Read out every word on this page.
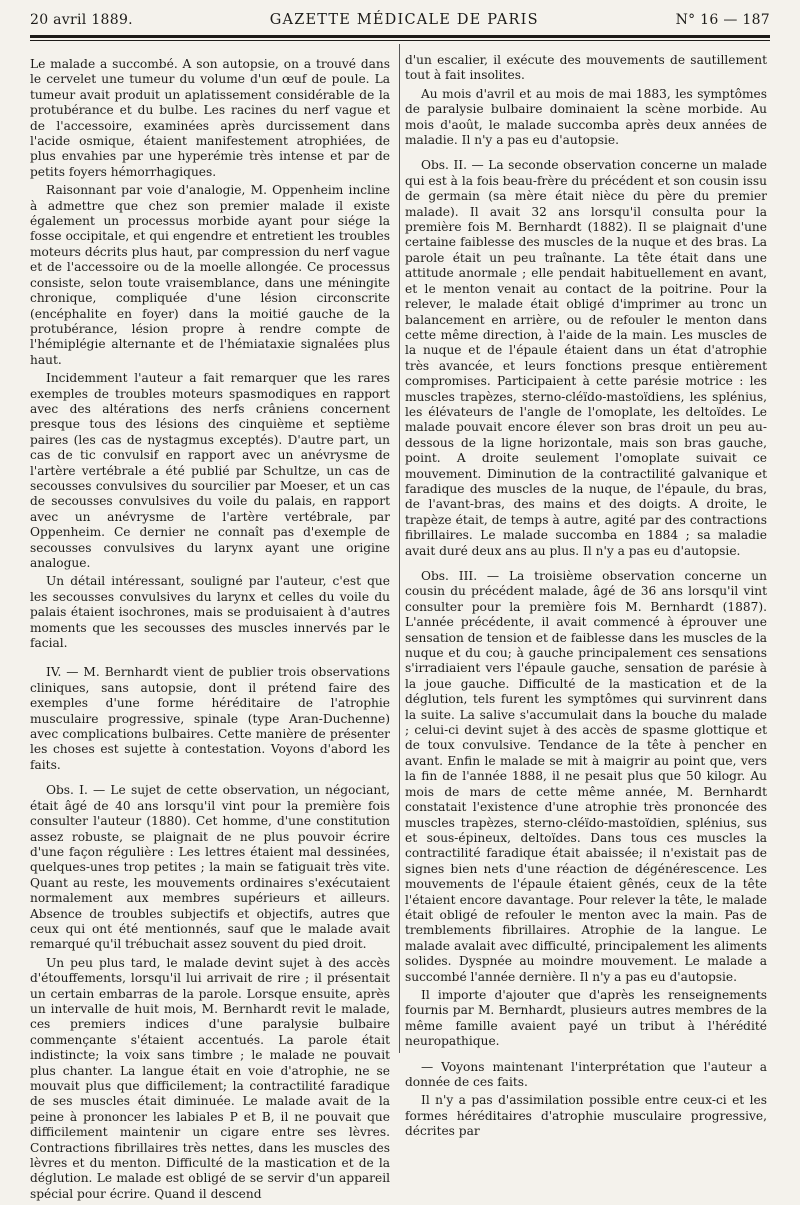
20 avril 1889.	GAZETTE MÉDICALE DE PARIS	N° 16 — 187

Le malade a succombé. A son autopsie, on a trouvé dans le cervelet une tumeur du volume d'un œuf de poule. La tumeur avait produit un aplatissement considérable de la protubérance et du bulbe. Les racines du nerf vague et de l'accessoire, examinées après durcissement dans l'acide osmique, étaient manifestement atrophiées, de plus envahies par une hyperémie très intense et par de petits foyers hémorrhagiques.

Raisonnant par voie d'analogie, M. Oppenheim incline à admettre que chez son premier malade il existe également un processus morbide ayant pour siége la fosse occipitale, et qui engendre et entretient les troubles moteurs décrits plus haut, par compression du nerf vague et de l'accessoire ou de la moelle allongée. Ce processus consiste, selon toute vraisemblance, dans une méningite chronique, compliquée d'une lésion circonscrite (encéphalite en foyer) dans la moitié gauche de la protubérance, lésion propre à rendre compte de l'hémiplégie alternante et de l'hémiataxie signalées plus haut.

Incidemment l'auteur a fait remarquer que les rares exemples de troubles moteurs spasmodiques en rapport avec des altérations des nerfs crâniens concernent presque tous des lésions des cinquième et septième paires (les cas de nystagmus exceptés). D'autre part, un cas de tic convulsif en rapport avec un anévrysme de l'artère vertébrale a été publié par Schultze, un cas de secousses convulsives du sourcilier par Moeser, et un cas de secousses convulsives du voile du palais, en rapport avec un anévrysme de l'artère vertébrale, par Oppenheim. Ce dernier ne connaît pas d'exemple de secousses convulsives du larynx ayant une origine analogue.

Un détail intéressant, souligné par l'auteur, c'est que les secousses convulsives du larynx et celles du voile du palais étaient isochrones, mais se produisaient à d'autres moments que les secousses des muscles innervés par le facial.

IV. — M. Bernhardt vient de publier trois observations cliniques, sans autopsie, dont il prétend faire des exemples d'une forme héréditaire de l'atrophie musculaire progressive, spinale (type Aran-Duchenne) avec complications bulbaires. Cette manière de présenter les choses est sujette à contestation. Voyons d'abord les faits.

Obs. I. — Le sujet de cette observation, un négociant, était âgé de 40 ans lorsqu'il vint pour la première fois consulter l'auteur (1880). Cet homme, d'une constitution assez robuste, se plaignait de ne plus pouvoir écrire d'une façon régulière : Les lettres étaient mal dessinées, quelques-unes trop petites ; la main se fatiguait très vite. Quant au reste, les mouvements ordinaires s'exécutaient normalement aux membres supérieurs et ailleurs. Absence de troubles subjectifs et objectifs, autres que ceux qui ont été mentionnés, sauf que le malade avait remarqué qu'il trébuchait assez souvent du pied droit.

Un peu plus tard, le malade devint sujet à des accès d'étouffements, lorsqu'il lui arrivait de rire ; il présentait un certain embarras de la parole. Lorsque ensuite, après un intervalle de huit mois, M. Bernhardt revit le malade, ces premiers indices d'une paralysie bulbaire commençante s'étaient accentués. La parole était indistincte; la voix sans timbre ; le malade ne pouvait plus chanter. La langue était en voie d'atrophie, ne se mouvait plus que difficilement; la contractilité faradique de ses muscles était diminuée. Le malade avait de la peine à prononcer les labiales P et B, il ne pouvait que difficilement maintenir un cigare entre ses lèvres. Contractions fibrillaires très nettes, dans les muscles des lèvres et du menton. Difficulté de la mastication et de la déglution. Le malade est obligé de se servir d'un appareil spécial pour écrire. Quand il descend

d'un escalier, il exécute des mouvements de sautillement tout à fait insolites.

Au mois d'avril et au mois de mai 1883, les symptômes de paralysie bulbaire dominaient la scène morbide. Au mois d'août, le malade succomba après deux années de maladie. Il n'y a pas eu d'autopsie.

Obs. II. — La seconde observation concerne un malade qui est à la fois beau-frère du précédent et son cousin issu de germain (sa mère était nièce du père du premier malade). Il avait 32 ans lorsqu'il consulta pour la première fois M. Bernhardt (1882). Il se plaignait d'une certaine faiblesse des muscles de la nuque et des bras. La parole était un peu traînante. La tête était dans une attitude anormale ; elle pendait habituellement en avant, et le menton venait au contact de la poitrine. Pour la relever, le malade était obligé d'imprimer au tronc un balancement en arrière, ou de refouler le menton dans cette même direction, à l'aide de la main. Les muscles de la nuque et de l'épaule étaient dans un état d'atrophie très avancée, et leurs fonctions presque entièrement compromises. Participaient à cette parésie motrice : les muscles trapèzes, sterno-cléïdo-mastoïdiens, les splénius, les élévateurs de l'angle de l'omoplate, les deltoïdes. Le malade pouvait encore élever son bras droit un peu au-dessous de la ligne horizontale, mais son bras gauche, point. A droite seulement l'omoplate suivait ce mouvement. Diminution de la contractilité galvanique et faradique des muscles de la nuque, de l'épaule, du bras, de l'avant-bras, des mains et des doigts. A droite, le trapèze était, de temps à autre, agité par des contractions fibrillaires. Le malade succomba en 1884 ; sa maladie avait duré deux ans au plus. Il n'y a pas eu d'autopsie.

Obs. III. — La troisième observation concerne un cousin du précédent malade, âgé de 36 ans lorsqu'il vint consulter pour la première fois M. Bernhardt (1887). L'année précédente, il avait commencé à éprouver une sensation de tension et de faiblesse dans les muscles de la nuque et du cou; à gauche principalement ces sensations s'irradiaient vers l'épaule gauche, sensation de parésie à la joue gauche. Difficulté de la mastication et de la déglution, tels furent les symptômes qui survinrent dans la suite. La salive s'accumulait dans la bouche du malade ; celui-ci devint sujet à des accès de spasme glottique et de toux convulsive. Tendance de la tête à pencher en avant. Enfin le malade se mit à maigrir au point que, vers la fin de l'année 1888, il ne pesait plus que 50 kilogr. Au mois de mars de cette même année, M. Bernhardt constatait l'existence d'une atrophie très prononcée des muscles trapèzes, sterno-cléïdo-mastoïdien, splénius, sus et sous-épineux, deltoïdes. Dans tous ces muscles la contractilité faradique était abaissée; il n'existait pas de signes bien nets d'une réaction de dégénérescence. Les mouvements de l'épaule étaient gênés, ceux de la tête l'étaient encore davantage. Pour relever la tête, le malade était obligé de refouler le menton avec la main. Pas de tremblements fibrillaires. Atrophie de la langue. Le malade avalait avec difficulté, principalement les aliments solides. Dyspnée au moindre mouvement. Le malade a succombé l'année dernière. Il n'y a pas eu d'autopsie.

Il importe d'ajouter que d'après les renseignements fournis par M. Bernhardt, plusieurs autres membres de la même famille avaient payé un tribut à l'hérédité neuropathique.

— Voyons maintenant l'interprétation que l'auteur a donnée de ces faits.

Il n'y a pas d'assimilation possible entre ceux-ci et les formes héréditaires d'atrophie musculaire progressive, décrites par
